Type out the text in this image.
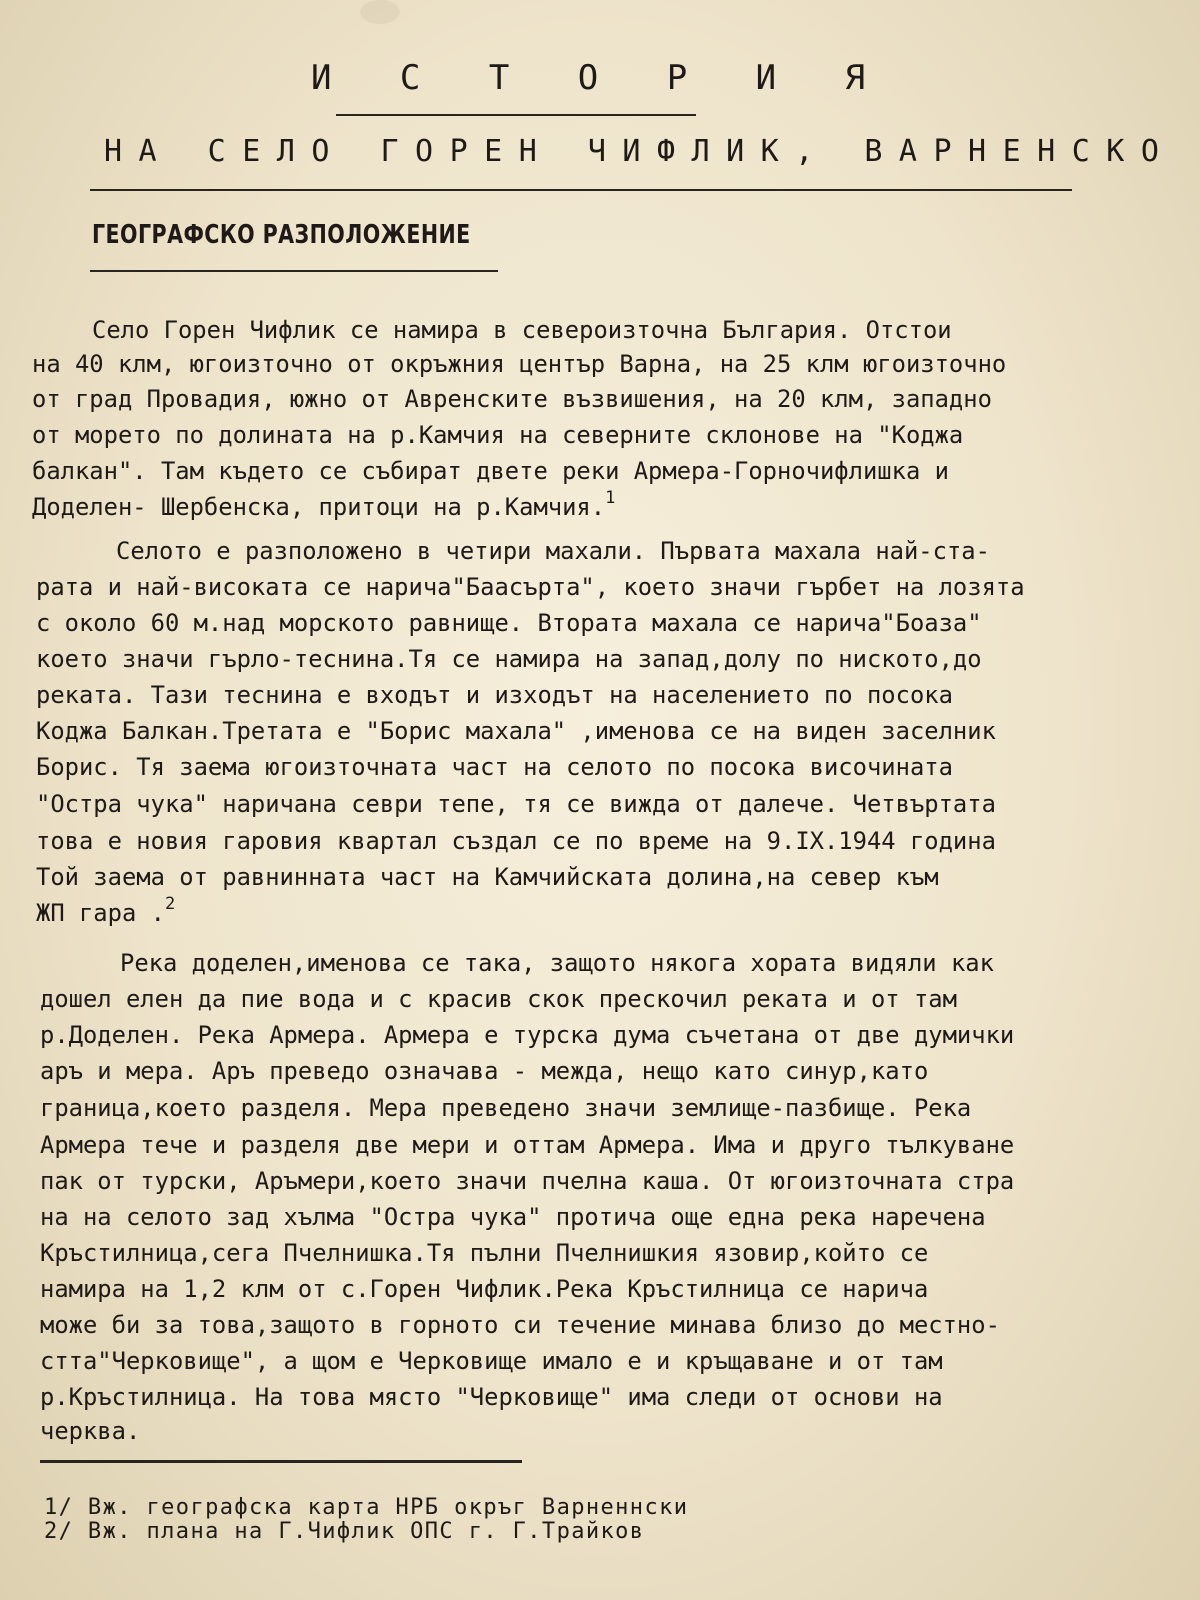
И С Т О Р И Я
НА СЕЛО ГОРЕН ЧИФЛИК, ВАРНЕНСКО
ГЕОГРАФСКО РАЗПОЛОЖЕНИЕ
Село Горен Чифлик се намира в североизточна България. Отстои
на 40 клм, югоизточно от окръжния център Варна, на 25 клм югоизточно
от град Провадия, южно от Авренските възвишения, на 20 клм, западно
от морето по долината на р.Камчия на северните склонове на "Коджа
балкан". Там където се събират двете реки Армера-Горночифлишка и
Доделен- Шербенска, притоци на р.Камчия.$^1$
Селото е разположено в четири махали. Първата махала най-ста-
рата и най-високата се нарича"Баасърта", което значи гърбет на лозята
с около 60 м.над морското равнище. Втората махала се нарича"Боаза"
което значи гърло-теснина.Тя се намира на запад,долу по ниското,до
реката. Тази теснина е входът и изходът на населението по посока
Коджа Балкан.Третата е "Борис махала" ,именова се на виден заселник
Борис. Тя заема югоизточната част на селото по посока височината
"Остра чука" наричана севри тепе, тя се вижда от далече. Четвъртата
това е новия гаровия квартал създал се по време на 9.IX.1944 година
Той заема от равнинната част на Камчийската долина,на север към
ЖП гара .$^2$
Река доделен,именова се така, защото някога хората видяли как
дошел елен да пие вода и с красив скок прескочил реката и от там
р.Доделен. Река Армера. Армера е турска дума съчетана от две думички
аръ и мера. Аръ преведо означава - межда, нещо като синур,като
граница,което разделя. Мера преведено значи землище-пазбище. Река
Армера тече и разделя две мери и оттам Армера. Има и друго тълкуване
пак от турски, Аръмери,което значи пчелна каша. От югоизточната стра
на на селото зад хълма "Остра чука" протича още една река наречена
Кръстилница,сега Пчелнишка.Тя пълни Пчелнишкия язовир,който се
намира на 1,2 клм от с.Горен Чифлик.Река Кръстилница се нарича
може би за това,защото в горното си течение минава близо до местно-
стта"Черковище", а щом е Черковище имало е и кръщаване и от там
р.Кръстилница. На това място "Черковище" има следи от основи на
черква.
1/ Вж. географска карта НРБ окръг Варненнски
2/ Вж. плана на Г.Чифлик ОПС г. Г.Трайков
